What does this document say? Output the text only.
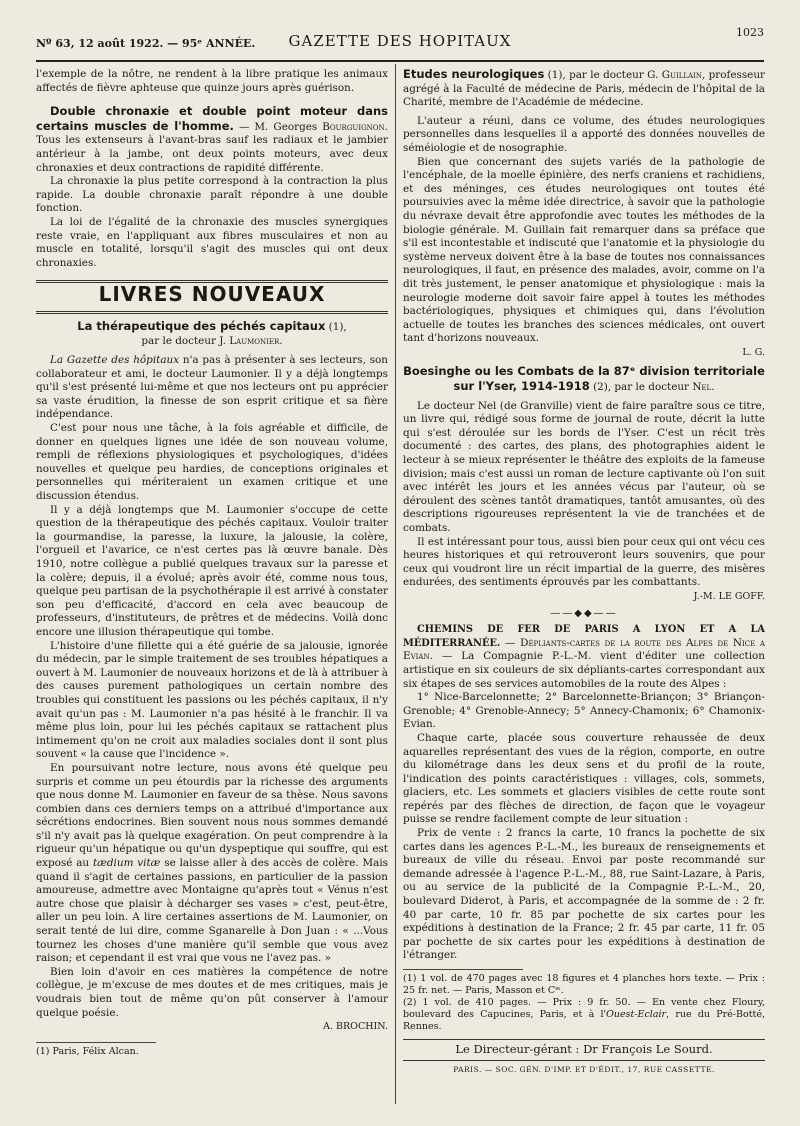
Nº 63, 12 août 1922. — 95ᵉ ANNÉE.	GAZETTE DES HOPITAUX	1023

l'exemple de la nôtre, ne rendent à la libre pratique les animaux affectés de fièvre aphteuse que quinze jours après guérison.

Double chronaxie et double point moteur dans certains muscles de l'homme. — M. Georges Bourguignon. Tous les extenseurs à l'avant-bras sauf les radiaux et le jambier antérieur à la jambe, ont deux points moteurs, avec deux chronaxies et deux contractions de rapidité différente.

La chronaxie la plus petite correspond à la contraction la plus rapide. La double chronaxie paraît répondre à une double fonction.

La loi de l'égalité de la chronaxie des muscles synergiques reste vraie, en l'appliquant aux fibres musculaires et non au muscle en totalité, lorsqu'il s'agit des muscles qui ont deux chronaxies.

LIVRES NOUVEAUX
La thérapeutique des péchés capitaux (1),
par le docteur J. Laumonier.

La Gazette des hôpitaux n'a pas à présenter à ses lecteurs, son collaborateur et ami, le docteur Laumonier. Il y a déjà longtemps qu'il s'est présenté lui-même et que nos lecteurs ont pu apprécier sa vaste érudition, la finesse de son esprit critique et sa fière indépendance.

C'est pour nous une tâche, à la fois agréable et difficile, de donner en quelques lignes une idée de son nouveau volume, rempli de réflexions physiologiques et psychologiques, d'idées nouvelles et quelque peu hardies, de conceptions originales et personnelles qui mériteraient un examen critique et une discussion étendus.

Il y a déjà longtemps que M. Laumonier s'occupe de cette question de la thérapeutique des péchés capitaux. Vouloir traiter la gourmandise, la paresse, la luxure, la jalousie, la colère, l'orgueil et l'avarice, ce n'est certes pas là œuvre banale. Dès 1910, notre collègue a publié quelques travaux sur la paresse et la colère; depuis, il a évolué; après avoir été, comme nous tous, quelque peu partisan de la psychothérapie il est arrivé à constater son peu d'efficacité, d'accord en cela avec beaucoup de professeurs, d'instituteurs, de prêtres et de médecins. Voilà donc encore une illusion thérapeutique qui tombe.

L'histoire d'une fillette qui a été guérie de sa jalousie, ignorée du médecin, par le simple traitement de ses troubles hépatiques a ouvert à M. Laumonier de nouveaux horizons et de là à attribuer à des causes purement pathologiques un certain nombre des troubles qui constituent les passions ou les péchés capitaux, il n'y avait qu'un pas : M. Laumonier n'a pas hésité à le franchir. Il va même plus loin, pour lui les péchés capitaux se rattachent plus intimement qu'on ne croit aux maladies sociales dont il sont plus souvent « la cause que l'incidence ».

En poursuivant notre lecture, nous avons été quelque peu surpris et comme un peu étourdis par la richesse des arguments que nous donne M. Laumonier en faveur de sa thèse. Nous savons combien dans ces derniers temps on a attribué d'importance aux sécrétions endocrines. Bien souvent nous nous sommes demandé s'il n'y avait pas là quelque exagération. On peut comprendre à la rigueur qu'un hépatique ou qu'un dyspeptique qui souffre, qui est exposé au tædium vitæ se laisse aller à des accès de colère. Mais quand il s'agit de certaines passions, en particulier de la passion amoureuse, admettre avec Montaigne qu'après tout « Vénus n'est autre chose que plaisir à décharger ses vases » c'est, peut-être, aller un peu loin. A lire certaines assertions de M. Laumonier, on serait tenté de lui dire, comme Sganarelle à Don Juan : « ...Vous tournez les choses d'une manière qu'il semble que vous avez raison; et cependant il est vrai que vous ne l'avez pas. »

Bien loin d'avoir en ces matières la compétence de notre collègue, je m'excuse de mes doutes et de mes critiques, mais je voudrais bien tout de même qu'on pût conserver à l'amour quelque poésie.

A. BROCHIN.
(1) Paris, Félix Alcan.

Etudes neurologiques (1), par le docteur G. Guillain, professeur agrégé à la Faculté de médecine de Paris, médecin de l'hôpital de la Charité, membre de l'Académie de médecine.

L'auteur a réuni, dans ce volume, des études neurologiques personnelles dans lesquelles il a apporté des données nouvelles de séméiologie et de nosographie.

Bien que concernant des sujets variés de la pathologie de l'encéphale, de la moelle épinière, des nerfs craniens et rachidiens, et des méninges, ces études neurologiques ont toutes été poursuivies avec la même idée directrice, à savoir que la pathologie du névraxe devait être approfondie avec toutes les méthodes de la biologie générale. M. Guillain fait remarquer dans sa préface que s'il est incontestable et indiscuté que l'anatomie et la physiologie du système nerveux doivent être à la base de toutes nos connaissances neurologiques, il faut, en présence des malades, avoir, comme on l'a dit très justement, le penser anatomique et physiologique : mais la neurologie moderne doit savoir faire appel à toutes les méthodes bactériologiques, physiques et chimiques qui, dans l'évolution actuelle de toutes les branches des sciences médicales, ont ouvert tant d'horizons nouveaux.

L. G.
Boesinghe ou les Combats de la 87ᵉ division territoriale sur l'Yser, 1914-1918 (2), par le docteur Nel.

Le docteur Nel (de Granville) vient de faire paraître sous ce titre, un livre qui, rédigé sous forme de journal de route, décrit la lutte qui s'est déroulée sur les bords de l'Yser. C'est un récit très documenté : des cartes, des plans, des photographies aident le lecteur à se mieux représenter le théâtre des exploits de la fameuse division; mais c'est aussi un roman de lecture captivante où l'on suit avec intérêt les jours et les années vécus par l'auteur, où se déroulent des scènes tantôt dramatiques, tantôt amusantes, où des descriptions rigoureuses représentent la vie de tranchées et de combats.

Il est intéressant pour tous, aussi bien pour ceux qui ont vécu ces heures historiques et qui retrouveront leurs souvenirs, que pour ceux qui voudront lire un récit impartial de la guerre, des misères endurées, des sentiments éprouvés par les combattants.

J.-M. LE GOFF.
——◆◆——

CHEMINS DE FER DE PARIS A LYON ET A LA MÉDITERRANÉE. — Dépliants-cartes de la route des Alpes de Nice a Evian. — La Compagnie P.-L.-M. vient d'éditer une collection artistique en six couleurs de six dépliants-cartes correspondant aux six étapes de ses services automobiles de la route des Alpes :

1° Nice-Barcelonnette; 2° Barcelonnette-Briançon; 3° Briançon-Grenoble; 4° Grenoble-Annecy; 5° Annecy-Chamonix; 6° Chamonix-Evian.

Chaque carte, placée sous couverture rehaussée de deux aquarelles représentant des vues de la région, comporte, en outre du kilométrage dans les deux sens et du profil de la route, l'indication des points caractéristiques : villages, cols, sommets, glaciers, etc. Les sommets et glaciers visibles de cette route sont repérés par des flèches de direction, de façon que le voyageur puisse se rendre facilement compte de leur situation :

Prix de vente : 2 francs la carte, 10 francs la pochette de six cartes dans les agences P.-L.-M., les bureaux de renseignements et bureaux de ville du réseau. Envoi par poste recommandé sur demande adressée à l'agence P.-L.-M., 88, rue Saint-Lazare, à Paris, ou au service de la publicité de la Compagnie P.-L.-M., 20, boulevard Diderot, à Paris, et accompagnée de la somme de : 2 fr. 40 par carte, 10 fr. 85 par pochette de six cartes pour les expéditions à destination de la France; 2 fr. 45 par carte, 11 fr. 05 par pochette de six cartes pour les expéditions à destination de l'étranger.

(1) 1 vol. de 470 pages avec 18 figures et 4 planches hors texte. — Prix : 25 fr. net. — Paris, Masson et Cⁱᵉ.
(2) 1 vol. de 410 pages. — Prix : 9 fr. 50. — En vente chez Floury, boulevard des Capucines, Paris, et à l'Ouest-Eclair, rue du Pré-Botté, Rennes.
Le Directeur-gérant : Dr François Le Sourd.
PARIS. — SOC. GÉN. D'IMP. ET D'ÉDIT., 17, RUE CASSETTE.
